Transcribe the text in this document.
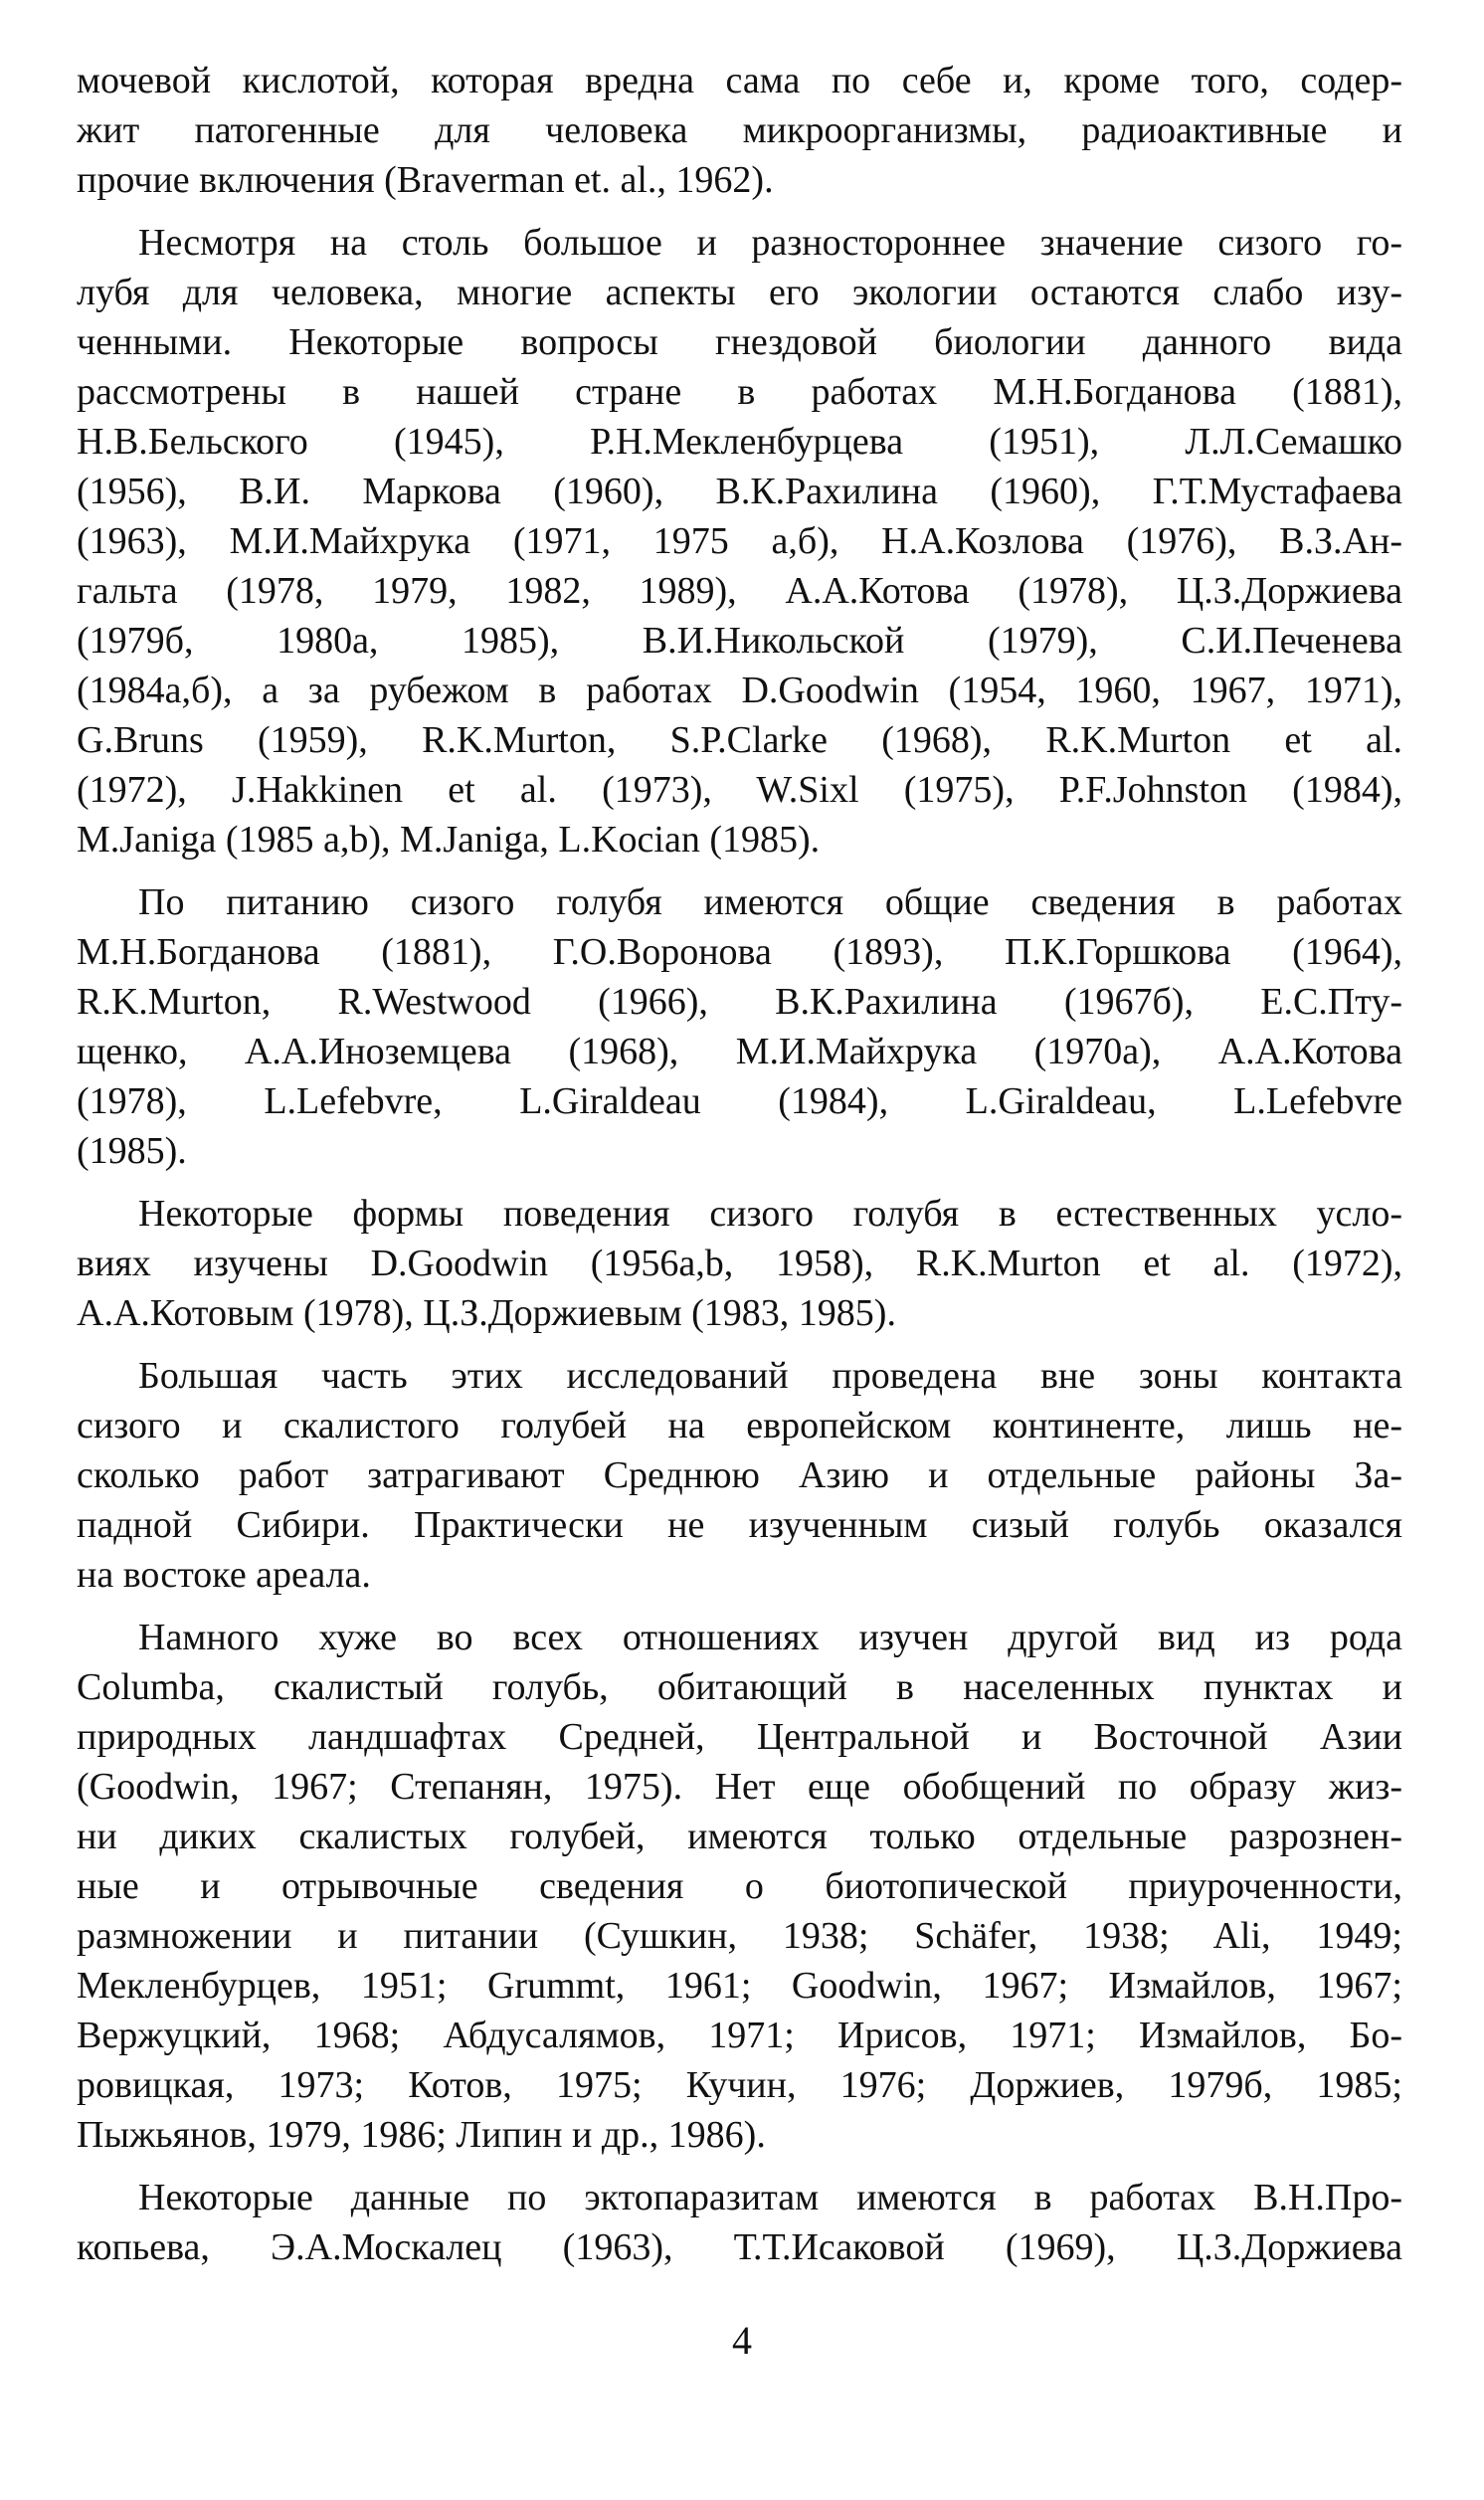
мочевой кислотой, которая вредна сама по себе и, кроме того, содер-
жит патогенные для человека микроорганизмы, радиоактивные и
прочие включения (Braverman et. al., 1962).
Несмотря на столь большое и разностороннее значение сизого го-
лубя для человека, многие аспекты его экологии остаются слабо изу-
ченными. Некоторые вопросы гнездовой биологии данного вида
рассмотрены в нашей стране в работах М.Н.Богданова (1881),
Н.В.Бельского (1945), Р.Н.Мекленбурцева (1951), Л.Л.Семашко
(1956), В.И. Маркова (1960), В.К.Рахилина (1960), Г.Т.Мустафаева
(1963), М.И.Майхрука (1971, 1975 а,б), Н.А.Козлова (1976), В.З.Ан-
гальта (1978, 1979, 1982, 1989), А.А.Котова (1978), Ц.З.Доржиева
(1979б, 1980а, 1985), В.И.Никольской (1979), С.И.Печенева
(1984а,б), а за рубежом в работах D.Goodwin (1954, 1960, 1967, 1971),
G.Bruns (1959), R.K.Murton, S.P.Clarke (1968), R.K.Murton et al.
(1972), J.Hakkinen et al. (1973), W.Sixl (1975), P.F.Johnston (1984),
M.Janiga (1985 a,b), M.Janiga, L.Kocian (1985).
По питанию сизого голубя имеются общие сведения в работах
М.Н.Богданова (1881), Г.О.Воронова (1893), П.К.Горшкова (1964),
R.K.Murton, R.Westwood (1966), В.К.Рахилина (1967б), Е.С.Пту-
щенко, А.А.Иноземцева (1968), М.И.Майхрука (1970а), А.А.Котова
(1978), L.Lefebvre, L.Giraldeau (1984), L.Giraldeau, L.Lefebvre
(1985).
Некоторые формы поведения сизого голубя в естественных усло-
виях изучены D.Goodwin (1956a,b, 1958), R.K.Murton et al. (1972),
А.А.Котовым (1978), Ц.З.Доржиевым (1983, 1985).
Большая часть этих исследований проведена вне зоны контакта
сизого и скалистого голубей на европейском континенте, лишь не-
сколько работ затрагивают Среднюю Азию и отдельные районы За-
падной Сибири. Практически не изученным сизый голубь оказался
на востоке ареала.
Намного хуже во всех отношениях изучен другой вид из рода
Columba, скалистый голубь, обитающий в населенных пунктах и
природных ландшафтах Средней, Центральной и Восточной Азии
(Goodwin, 1967; Степанян, 1975). Нет еще обобщений по образу жиз-
ни диких скалистых голубей, имеются только отдельные разрознен-
ные и отрывочные сведения о биотопической приуроченности,
размножении и питании (Сушкин, 1938; Schäfer, 1938; Ali, 1949;
Мекленбурцев, 1951; Grummt, 1961; Goodwin, 1967; Измайлов, 1967;
Вержуцкий, 1968; Абдусалямов, 1971; Ирисов, 1971; Измайлов, Бо-
ровицкая, 1973; Котов, 1975; Кучин, 1976; Доржиев, 1979б, 1985;
Пыжьянов, 1979, 1986; Липин и др., 1986).
Некоторые данные по эктопаразитам имеются в работах В.Н.Про-
копьева, Э.А.Москалец (1963), Т.Т.Исаковой (1969), Ц.З.Доржиева
4
